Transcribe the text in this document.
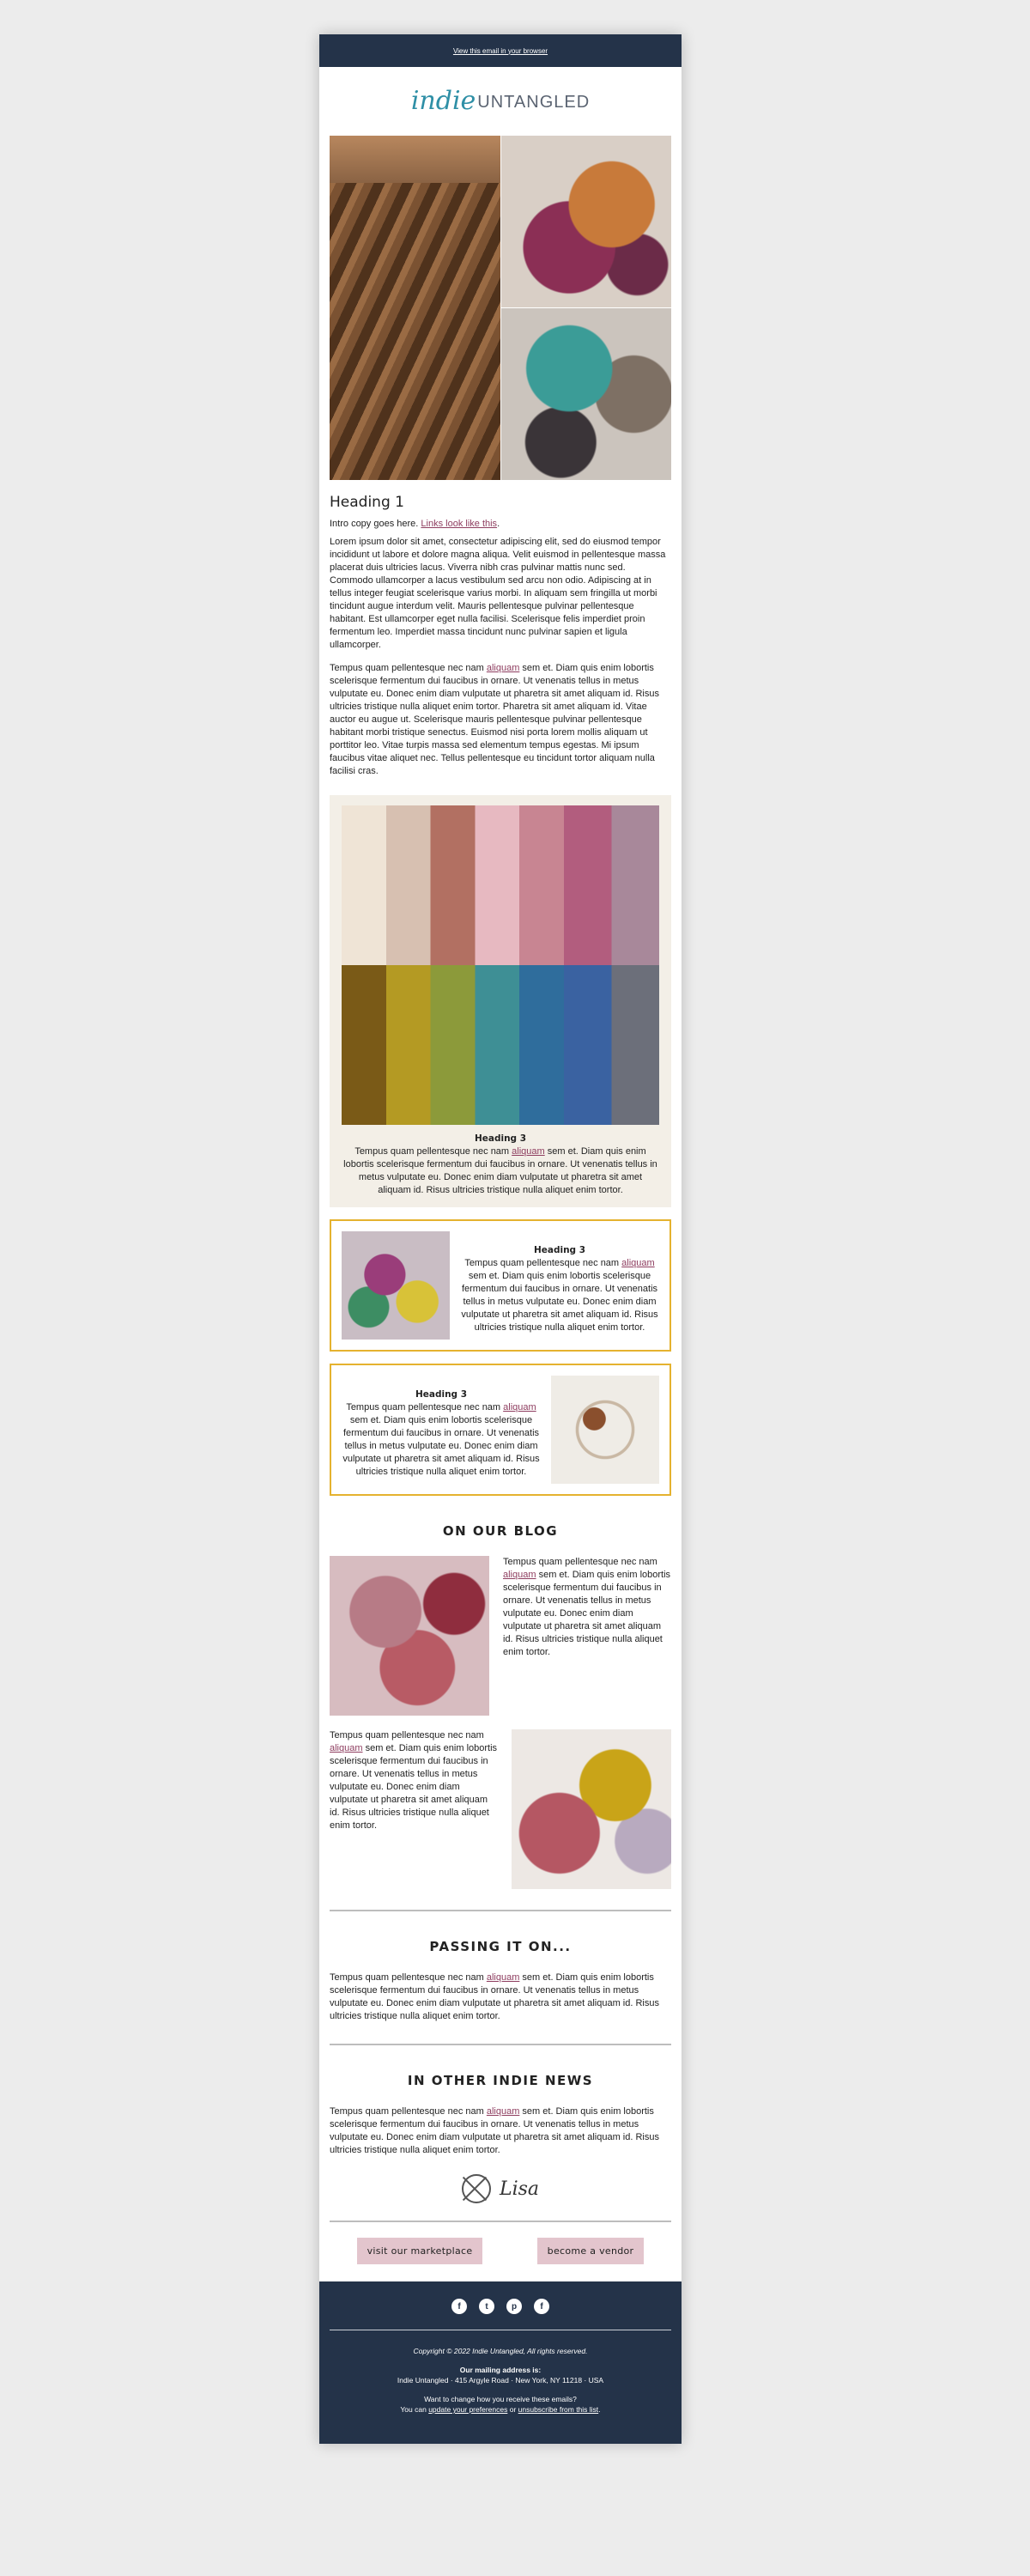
View this email in your browser
indie UNTANGLED
Heading 1

Intro copy goes here. Links look like this.

Lorem ipsum dolor sit amet, consectetur adipiscing elit, sed do eiusmod tempor incididunt ut labore et dolore magna aliqua. Velit euismod in pellentesque massa placerat duis ultricies lacus. Viverra nibh cras pulvinar mattis nunc sed. Commodo ullamcorper a lacus vestibulum sed arcu non odio. Adipiscing at in tellus integer feugiat scelerisque varius morbi. In aliquam sem fringilla ut morbi tincidunt augue interdum velit. Mauris pellentesque pulvinar pellentesque habitant. Est ullamcorper eget nulla facilisi. Scelerisque felis imperdiet proin fermentum leo. Imperdiet massa tincidunt nunc pulvinar sapien et ligula ullamcorper.

Tempus quam pellentesque nec nam aliquam sem et. Diam quis enim lobortis scelerisque fermentum dui faucibus in ornare. Ut venenatis tellus in metus vulputate eu. Donec enim diam vulputate ut pharetra sit amet aliquam id. Risus ultricies tristique nulla aliquet enim tortor. Pharetra sit amet aliquam id. Vitae auctor eu augue ut. Scelerisque mauris pellentesque pulvinar pellentesque habitant morbi tristique senectus. Euismod nisi porta lorem mollis aliquam ut porttitor leo. Vitae turpis massa sed elementum tempus egestas. Mi ipsum faucibus vitae aliquet nec. Tellus pellentesque eu tincidunt tortor aliquam nulla facilisi cras.

Heading 3

Tempus quam pellentesque nec nam aliquam sem et. Diam quis enim lobortis scelerisque fermentum dui faucibus in ornare. Ut venenatis tellus in metus vulputate eu. Donec enim diam vulputate ut pharetra sit amet aliquam id. Risus ultricies tristique nulla aliquet enim tortor.

Heading 3

Tempus quam pellentesque nec nam aliquam sem et. Diam quis enim lobortis scelerisque fermentum dui faucibus in ornare. Ut venenatis tellus in metus vulputate eu. Donec enim diam vulputate ut pharetra sit amet aliquam id. Risus ultricies tristique nulla aliquet enim tortor.

Heading 3

Tempus quam pellentesque nec nam aliquam sem et. Diam quis enim lobortis scelerisque fermentum dui faucibus in ornare. Ut venenatis tellus in metus vulputate eu. Donec enim diam vulputate ut pharetra sit amet aliquam id. Risus ultricies tristique nulla aliquet enim tortor.

ON OUR BLOG

Tempus quam pellentesque nec nam aliquam sem et. Diam quis enim lobortis scelerisque fermentum dui faucibus in ornare. Ut venenatis tellus in metus vulputate eu. Donec enim diam vulputate ut pharetra sit amet aliquam id. Risus ultricies tristique nulla aliquet enim tortor.

Tempus quam pellentesque nec nam aliquam sem et. Diam quis enim lobortis scelerisque fermentum dui faucibus in ornare. Ut venenatis tellus in metus vulputate eu. Donec enim diam vulputate ut pharetra sit amet aliquam id. Risus ultricies tristique nulla aliquet enim tortor.

PASSING IT ON...

Tempus quam pellentesque nec nam aliquam sem et. Diam quis enim lobortis scelerisque fermentum dui faucibus in ornare. Ut venenatis tellus in metus vulputate eu. Donec enim diam vulputate ut pharetra sit amet aliquam id. Risus ultricies tristique nulla aliquet enim tortor.

IN OTHER INDIE NEWS

Tempus quam pellentesque nec nam aliquam sem et. Diam quis enim lobortis scelerisque fermentum dui faucibus in ornare. Ut venenatis tellus in metus vulputate eu. Donec enim diam vulputate ut pharetra sit amet aliquam id. Risus ultricies tristique nulla aliquet enim tortor.

Lisa
visit our marketplace	become a vendor
f	t	p	f

Copyright © 2022 Indie Untangled, All rights reserved.

Our mailing address is:
Indie Untangled · 415 Argyle Road · New York, NY 11218 · USA

Want to change how you receive these emails?
You can update your preferences or unsubscribe from this list.
